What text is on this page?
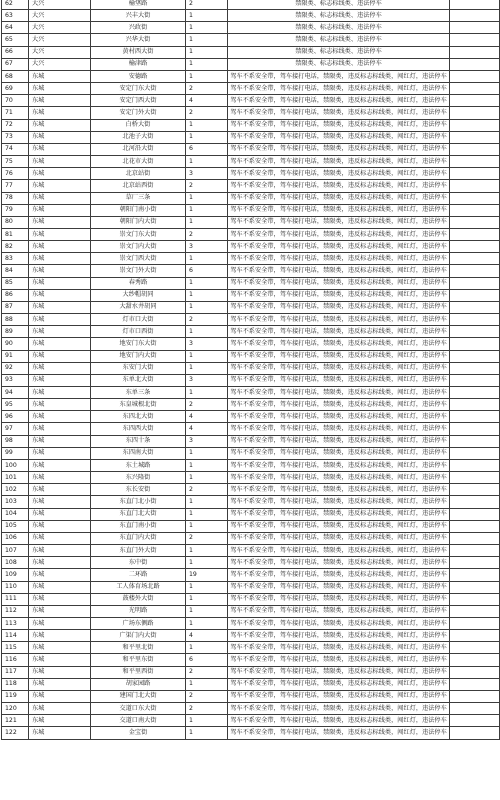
62	大兴	榆垡路	2	禁限类、标志标线类、违法停车	
63	大兴	兴丰大街	1	禁限类、标志标线类、违法停车	
64	大兴	兴政街	1	禁限类、标志标线类、违法停车	
65	大兴	兴华大街	1	禁限类、标志标线类、违法停车	
66	大兴	黄村西大街	1	禁限类、标志标线类、违法停车	
67	大兴	榆津路	1	禁限类、标志标线类、违法停车	
68	东城	安德路	1	驾车不系安全带，驾车接打电话，禁限类，违反标志标线类，闯红灯，违法停车	
69	东城	安定门东大街	2	驾车不系安全带，驾车接打电话，禁限类，违反标志标线类，闯红灯，违法停车	
70	东城	安定门西大街	4	驾车不系安全带，驾车接打电话，禁限类，违反标志标线类，闯红灯，违法停车	
71	东城	安定门外大街	2	驾车不系安全带，驾车接打电话，禁限类，违反标志标线类，闯红灯，违法停车	
72	东城	白桥大街	1	驾车不系安全带，驾车接打电话，禁限类，违反标志标线类，闯红灯，违法停车	
73	东城	北池子大街	1	驾车不系安全带，驾车接打电话，禁限类，违反标志标线类，闯红灯，违法停车	
74	东城	北河沿大街	6	驾车不系安全带，驾车接打电话，禁限类，违反标志标线类，闯红灯，违法停车	
75	东城	北花市大街	1	驾车不系安全带，驾车接打电话，禁限类，违反标志标线类，闯红灯，违法停车	
76	东城	北京站街	3	驾车不系安全带，驾车接打电话，禁限类，违反标志标线类，闯红灯，违法停车	
77	东城	北京站西街	2	驾车不系安全带，驾车接打电话，禁限类，违反标志标线类，闯红灯，违法停车	
78	东城	草厂三条	1	驾车不系安全带，驾车接打电话，禁限类，违反标志标线类，闯红灯，违法停车	
79	东城	朝阳门南小街	1	驾车不系安全带，驾车接打电话，禁限类，违反标志标线类，闯红灯，违法停车	
80	东城	朝阳门内大街	1	驾车不系安全带，驾车接打电话，禁限类，违反标志标线类，闯红灯，违法停车	
81	东城	崇文门东大街	2	驾车不系安全带，驾车接打电话，禁限类，违反标志标线类，闯红灯，违法停车	
82	东城	崇文门内大街	3	驾车不系安全带，驾车接打电话，禁限类，违反标志标线类，闯红灯，违法停车	
83	东城	崇文门西大街	1	驾车不系安全带，驾车接打电话，禁限类，违反标志标线类，闯红灯，违法停车	
84	东城	崇文门外大街	6	驾车不系安全带，驾车接打电话，禁限类，违反标志标线类，闯红灯，违法停车	
85	东城	春秀路	1	驾车不系安全带，驾车接打电话，禁限类，违反标志标线类，闯红灯，违法停车	
86	东城	大纱帽胡同	1	驾车不系安全带，驾车接打电话，禁限类，违反标志标线类，闯红灯，违法停车	
87	东城	大甜水井胡同	1	驾车不系安全带，驾车接打电话，禁限类，违反标志标线类，闯红灯，违法停车	
88	东城	灯市口大街	2	驾车不系安全带，驾车接打电话，禁限类，违反标志标线类，闯红灯，违法停车	
89	东城	灯市口西街	1	驾车不系安全带，驾车接打电话，禁限类，违反标志标线类，闯红灯，违法停车	
90	东城	地安门东大街	3	驾车不系安全带，驾车接打电话，禁限类，违反标志标线类，闯红灯，违法停车	
91	东城	地安门内大街	1	驾车不系安全带，驾车接打电话，禁限类，违反标志标线类，闯红灯，违法停车	
92	东城	东安门大街	1	驾车不系安全带，驾车接打电话，禁限类，违反标志标线类，闯红灯，违法停车	
93	东城	东单北大街	3	驾车不系安全带，驾车接打电话，禁限类，违反标志标线类，闯红灯，违法停车	
94	东城	东单三条	1	驾车不系安全带，驾车接打电话，禁限类，违反标志标线类，闯红灯，违法停车	
95	东城	东皇城根北街	2	驾车不系安全带，驾车接打电话，禁限类，违反标志标线类，闯红灯，违法停车	
96	东城	东四北大街	4	驾车不系安全带，驾车接打电话，禁限类，违反标志标线类，闯红灯，违法停车	
97	东城	东四西大街	4	驾车不系安全带，驾车接打电话，禁限类，违反标志标线类，闯红灯，违法停车	
98	东城	东四十条	3	驾车不系安全带，驾车接打电话，禁限类，违反标志标线类，闯红灯，违法停车	
99	东城	东四南大街	1	驾车不系安全带，驾车接打电话，禁限类，违反标志标线类，闯红灯，违法停车	
100	东城	东土城路	1	驾车不系安全带，驾车接打电话，禁限类，违反标志标线类，闯红灯，违法停车	
101	东城	东兴隆街	1	驾车不系安全带，驾车接打电话，禁限类，违反标志标线类，闯红灯，违法停车	
102	东城	东长安街	2	驾车不系安全带，驾车接打电话，禁限类，违反标志标线类，闯红灯，违法停车	
103	东城	东直门北小街	1	驾车不系安全带，驾车接打电话，禁限类，违反标志标线类，闯红灯，违法停车	
104	东城	东直门北大街	1	驾车不系安全带，驾车接打电话，禁限类，违反标志标线类，闯红灯，违法停车	
105	东城	东直门南小街	1	驾车不系安全带，驾车接打电话，禁限类，违反标志标线类，闯红灯，违法停车	
106	东城	东直门内大街	2	驾车不系安全带，驾车接打电话，禁限类，违反标志标线类，闯红灯，违法停车	
107	东城	东直门外大街	1	驾车不系安全带，驾车接打电话，禁限类，违反标志标线类，闯红灯，违法停车	
108	东城	东中街	1	驾车不系安全带，驾车接打电话，禁限类，违反标志标线类，闯红灯，违法停车	
109	东城	二环路	19	驾车不系安全带，驾车接打电话，禁限类，违反标志标线类，闯红灯，违法停车	
110	东城	工人体育场北路	1	驾车不系安全带，驾车接打电话，禁限类，违反标志标线类，闯红灯，违法停车	
111	东城	鼓楼外大街	1	驾车不系安全带，驾车接打电话，禁限类，违反标志标线类，闯红灯，违法停车	
112	东城	光明路	1	驾车不系安全带，驾车接打电话，禁限类，违反标志标线类，闯红灯，违法停车	
113	东城	广场东侧路	1	驾车不系安全带，驾车接打电话，禁限类，违反标志标线类，闯红灯，违法停车	
114	东城	广渠门内大街	4	驾车不系安全带，驾车接打电话，禁限类，违反标志标线类，闯红灯，违法停车	
115	东城	和平里北街	1	驾车不系安全带，驾车接打电话，禁限类，违反标志标线类，闯红灯，违法停车	
116	东城	和平里东街	6	驾车不系安全带，驾车接打电话，禁限类，违反标志标线类，闯红灯，违法停车	
117	东城	和平里西街	2	驾车不系安全带，驾车接打电话，禁限类，违反标志标线类，闯红灯，违法停车	
118	东城	胡家园路	1	驾车不系安全带，驾车接打电话，禁限类，违反标志标线类，闯红灯，违法停车	
119	东城	建国门北大街	2	驾车不系安全带，驾车接打电话，禁限类，违反标志标线类，闯红灯，违法停车	
120	东城	交道口东大街	2	驾车不系安全带，驾车接打电话，禁限类，违反标志标线类，闯红灯，违法停车	
121	东城	交道口南大街	1	驾车不系安全带，驾车接打电话，禁限类，违反标志标线类，闯红灯，违法停车	
122	东城	金宝街	1	驾车不系安全带，驾车接打电话，禁限类，违反标志标线类，闯红灯，违法停车	
